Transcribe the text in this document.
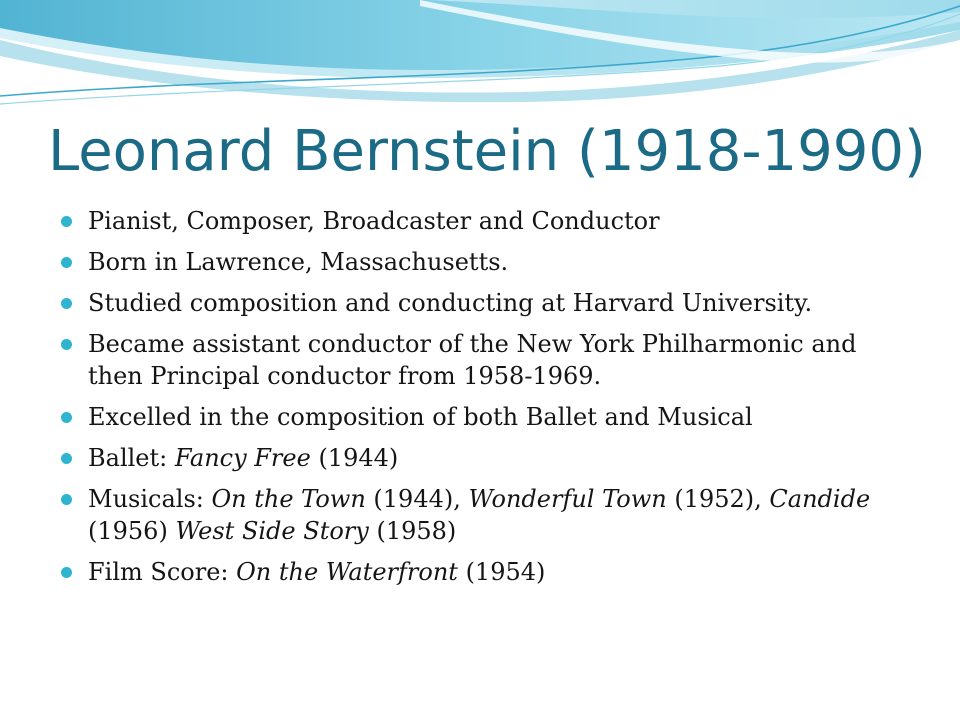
Leonard Bernstein (1918-1990)
Pianist, Composer, Broadcaster and Conductor
Born in Lawrence, Massachusetts.
Studied composition and conducting at Harvard University.
Became assistant conductor of the New York Philharmonic and then Principal conductor from 1958-1969.
Excelled in the composition of both Ballet and Musical
Ballet: Fancy Free (1944)
Musicals: On the Town (1944), Wonderful Town (1952), Candide (1956) West Side Story (1958)
Film Score: On the Waterfront (1954)
